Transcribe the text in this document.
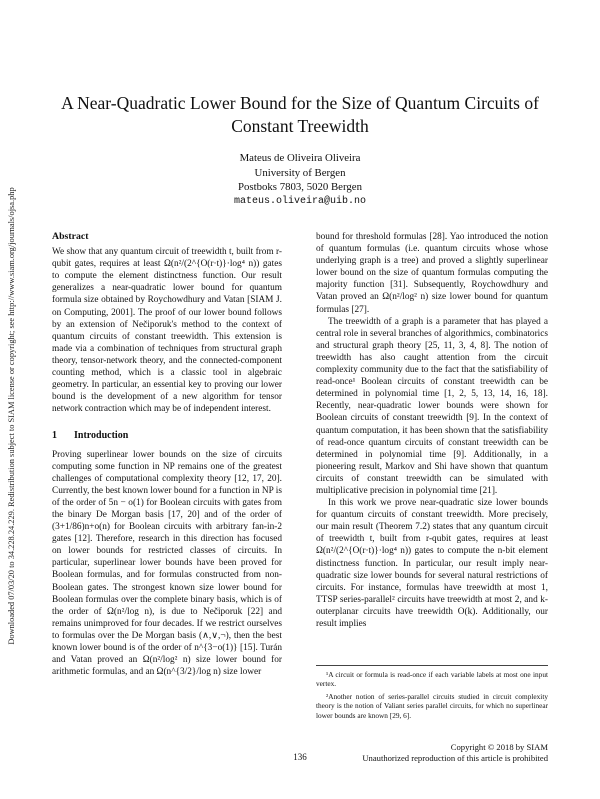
Downloaded 07/03/20 to 34.228.24.229. Redistribution subject to SIAM license or copyright; see http://www.siam.org/journals/ojsa.php
A Near-Quadratic Lower Bound for the Size of Quantum Circuits of
Constant Treewidth
Mateus de Oliveira Oliveira
University of Bergen
Postboks 7803, 5020 Bergen
mateus.oliveira@uib.no
Abstract

We show that any quantum circuit of treewidth t, built from r-qubit gates, requires at least Ω(n²/(2^{O(r·t)}·log⁴ n)) gates to compute the element distinctness function. Our result generalizes a near-quadratic lower bound for quantum formula size obtained by Roychowdhury and Vatan [SIAM J. on Computing, 2001]. The proof of our lower bound follows by an extension of Nečiporuk's method to the context of quantum circuits of constant treewidth. This extension is made via a combination of techniques from structural graph theory, tensor-network theory, and the connected-component counting method, which is a classic tool in algebraic geometry. In particular, an essential key to proving our lower bound is the development of a new algorithm for tensor network contraction which may be of independent interest.

1 Introduction

Proving superlinear lower bounds on the size of circuits computing some function in NP remains one of the greatest challenges of computational complexity theory [12, 17, 20]. Currently, the best known lower bound for a function in NP is of the order of 5n − o(1) for Boolean circuits with gates from the binary De Morgan basis [17, 20] and of the order of (3+1/86)n+o(n) for Boolean circuits with arbitrary fan-in-2 gates [12]. Therefore, research in this direction has focused on lower bounds for restricted classes of circuits. In particular, superlinear lower bounds have been proved for Boolean formulas, and for formulas constructed from non-Boolean gates. The strongest known size lower bound for Boolean formulas over the complete binary basis, which is of the order of Ω(n²/log n), is due to Nečiporuk [22] and remains unimproved for four decades. If we restrict ourselves to formulas over the De Morgan basis (∧,∨,¬), then the best known lower bound is of the order of n^{3−o(1)} [15]. Turán and Vatan proved an Ω(n²/log² n) size lower bound for arithmetic formulas, and an Ω(n^{3/2}/log n) size lower

bound for threshold formulas [28]. Yao introduced the notion of quantum formulas (i.e. quantum circuits whose whose underlying graph is a tree) and proved a slightly superlinear lower bound on the size of quantum formulas computing the majority function [31]. Subsequently, Roychowdhury and Vatan proved an Ω(n²/log² n) size lower bound for quantum formulas [27].

The treewidth of a graph is a parameter that has played a central role in several branches of algorithmics, combinatorics and structural graph theory [25, 11, 3, 4, 8]. The notion of treewidth has also caught attention from the circuit complexity community due to the fact that the satisfiability of read-once¹ Boolean circuits of constant treewidth can be determined in polynomial time [1, 2, 5, 13, 14, 16, 18]. Recently, near-quadratic lower bounds were shown for Boolean circuits of constant treewidth [9]. In the context of quantum computation, it has been shown that the satisfiability of read-once quantum circuits of constant treewidth can be determined in polynomial time [9]. Additionally, in a pioneering result, Markov and Shi have shown that quantum circuits of constant treewidth can be simulated with multiplicative precision in polynomial time [21].

In this work we prove near-quadratic size lower bounds for quantum circuits of constant treewidth. More precisely, our main result (Theorem 7.2) states that any quantum circuit of treewidth t, built from r-qubit gates, requires at least Ω(n²/(2^{O(r·t)}·log⁴ n)) gates to compute the n-bit element distinctness function. In particular, our result imply near-quadratic size lower bounds for several natural restrictions of circuits. For instance, formulas have treewidth at most 1, TTSP series-parallel² circuits have treewidth at most 2, and k-outerplanar circuits have treewidth O(k). Additionally, our result implies

¹A circuit or formula is read-once if each variable labels at most one input vertex.

²Another notion of series-parallel circuits studied in circuit complexity theory is the notion of Valiant series parallel circuits, for which no superlinear lower bounds are known [29, 6].

Copyright © 2018 by SIAM
Unauthorized reproduction of this article is prohibited
136
